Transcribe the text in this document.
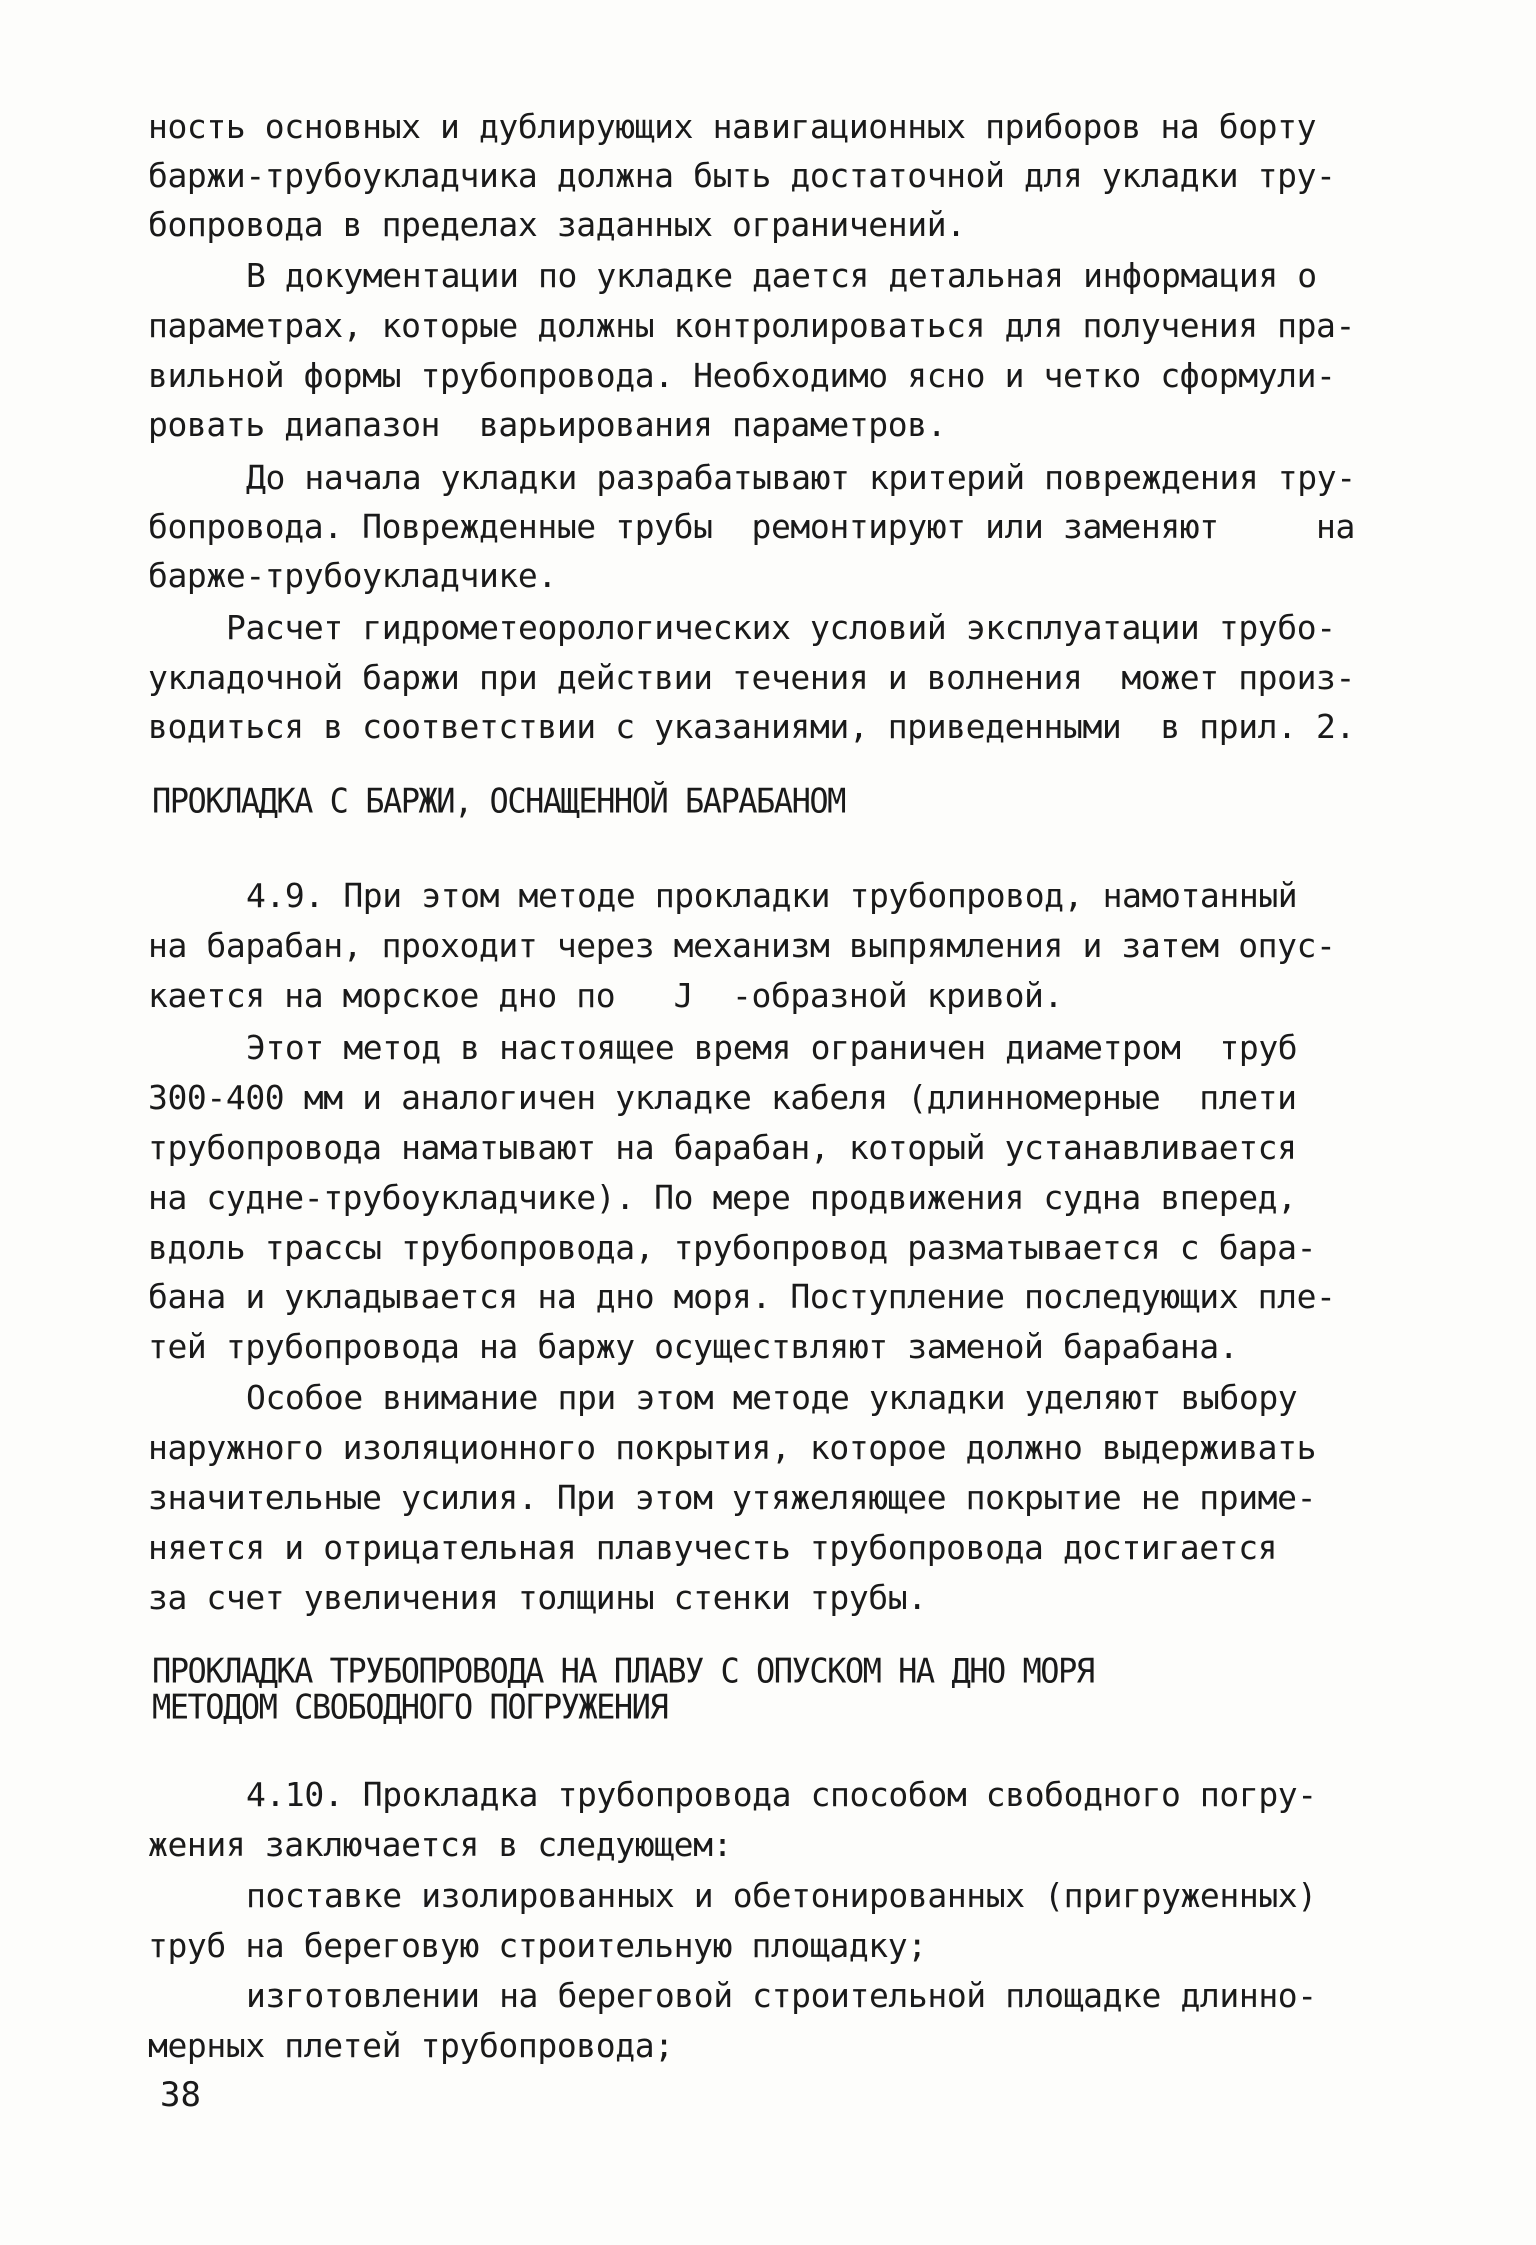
ность основных и дублирующих навигационных приборов на борту
баржи-трубоукладчика должна быть достаточной для укладки тру-
бопровода в пределах заданных ограничений.
В документации по укладке дается детальная информация о
параметрах, которые должны контролироваться для получения пра-
вильной формы трубопровода. Необходимо ясно и четко сформули-
ровать диапазон  варьирования параметров.
До начала укладки разрабатывают критерий повреждения тру-
бопровода. Поврежденные трубы  ремонтируют или заменяют     на
барже-трубоукладчике.
Расчет гидрометеорологических условий эксплуатации трубо-
укладочной баржи при действии течения и волнения  может произ-
водиться в соответствии с указаниями, приведенными  в прил. 2.
ПРОКЛАДКА С БАРЖИ, ОСНАЩЕННОЙ БАРАБАНОМ
4.9. При этом методе прокладки трубопровод, намотанный
на барабан, проходит через механизм выпрямления и затем опус-
кается на морское дно по   J  -образной кривой.
Этот метод в настоящее время ограничен диаметром  труб
300-400 мм и аналогичен укладке кабеля (длинномерные  плети
трубопровода наматывают на барабан, который устанавливается
на судне-трубоукладчике). По мере продвижения судна вперед,
вдоль трассы трубопровода, трубопровод разматывается с бара-
бана и укладывается на дно моря. Поступление последующих пле-
тей трубопровода на баржу осуществляют заменой барабана.
Особое внимание при этом методе укладки уделяют выбору
наружного изоляционного покрытия, которое должно выдерживать
значительные усилия. При этом утяжеляющее покрытие не приме-
няется и отрицательная плавучесть трубопровода достигается
за счет увеличения толщины стенки трубы.
ПРОКЛАДКА ТРУБОПРОВОДА НА ПЛАВУ С ОПУСКОМ НА ДНО МОРЯ
МЕТОДОМ СВОБОДНОГО ПОГРУЖЕНИЯ
4.10. Прокладка трубопровода способом свободного погру-
жения заключается в следующем:
поставке изолированных и обетонированных (пригруженных)
труб на береговую строительную площадку;
изготовлении на береговой строительной площадке длинно-
мерных плетей трубопровода;
38
